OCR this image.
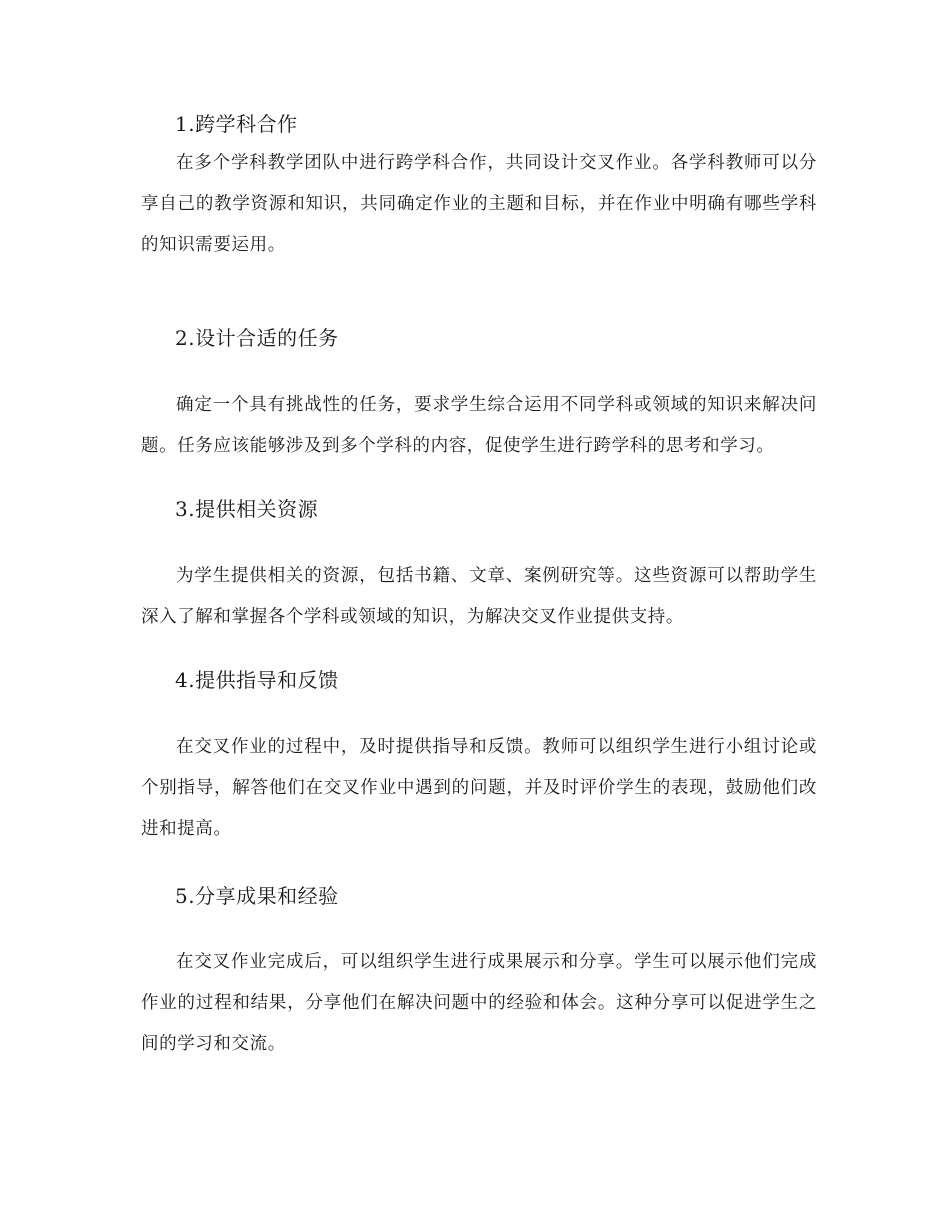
1.跨学科合作
在多个学科教学团队中进行跨学科合作，共同设计交叉作业。各学科教师可以分享自己的教学资源和知识，共同确定作业的主题和目标，并在作业中明确有哪些学科的知识需要运用。
2.设计合适的任务
确定一个具有挑战性的任务，要求学生综合运用不同学科或领域的知识来解决问题。任务应该能够涉及到多个学科的内容，促使学生进行跨学科的思考和学习。
3.提供相关资源
为学生提供相关的资源，包括书籍、文章、案例研究等。这些资源可以帮助学生深入了解和掌握各个学科或领域的知识，为解决交叉作业提供支持。
4.提供指导和反馈
在交叉作业的过程中，及时提供指导和反馈。教师可以组织学生进行小组讨论或个别指导，解答他们在交叉作业中遇到的问题，并及时评价学生的表现，鼓励他们改进和提高。
5.分享成果和经验
在交叉作业完成后，可以组织学生进行成果展示和分享。学生可以展示他们完成作业的过程和结果，分享他们在解决问题中的经验和体会。这种分享可以促进学生之间的学习和交流。
